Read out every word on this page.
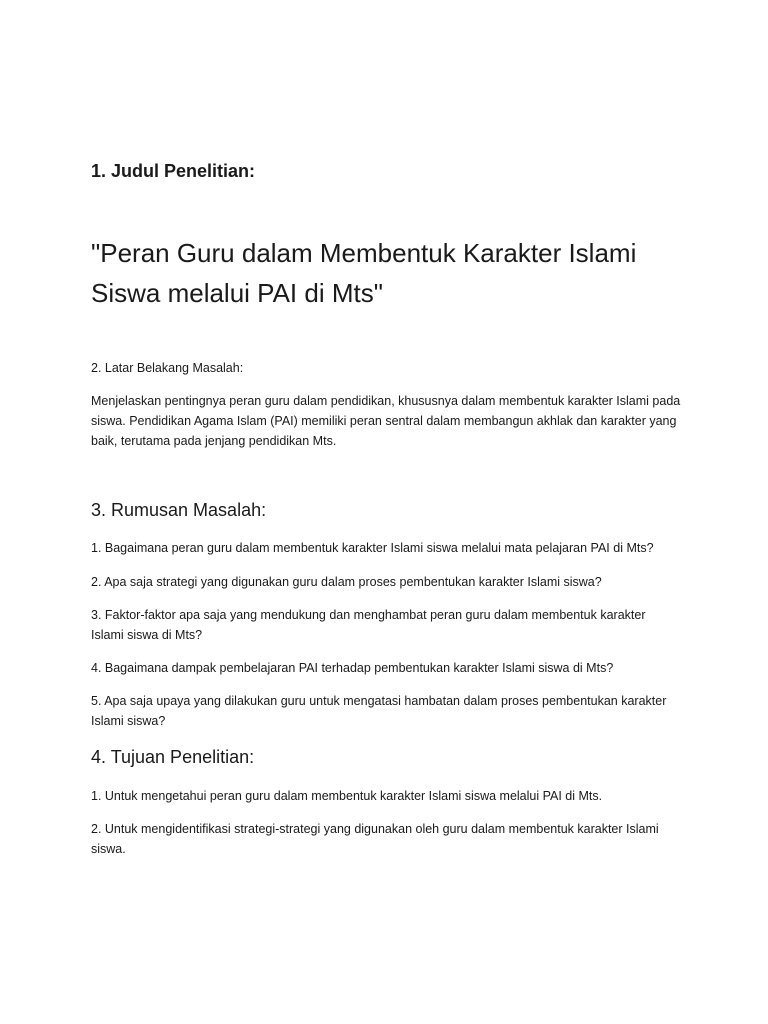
1. Judul Penelitian:

"Peran Guru dalam Membentuk Karakter Islami Siswa melalui PAI di Mts"

2. Latar Belakang Masalah:

Menjelaskan pentingnya peran guru dalam pendidikan, khususnya dalam membentuk karakter Islami pada siswa. Pendidikan Agama Islam (PAI) memiliki peran sentral dalam membangun akhlak dan karakter yang baik, terutama pada jenjang pendidikan Mts.

3. Rumusan Masalah:

1. Bagaimana peran guru dalam membentuk karakter Islami siswa melalui mata pelajaran PAI di Mts?

2. Apa saja strategi yang digunakan guru dalam proses pembentukan karakter Islami siswa?

3. Faktor-faktor apa saja yang mendukung dan menghambat peran guru dalam membentuk karakter Islami siswa di Mts?

4. Bagaimana dampak pembelajaran PAI terhadap pembentukan karakter Islami siswa di Mts?

5. Apa saja upaya yang dilakukan guru untuk mengatasi hambatan dalam proses pembentukan karakter Islami siswa?

4. Tujuan Penelitian:

1. Untuk mengetahui peran guru dalam membentuk karakter Islami siswa melalui PAI di Mts.

2. Untuk mengidentifikasi strategi-strategi yang digunakan oleh guru dalam membentuk karakter Islami siswa.
